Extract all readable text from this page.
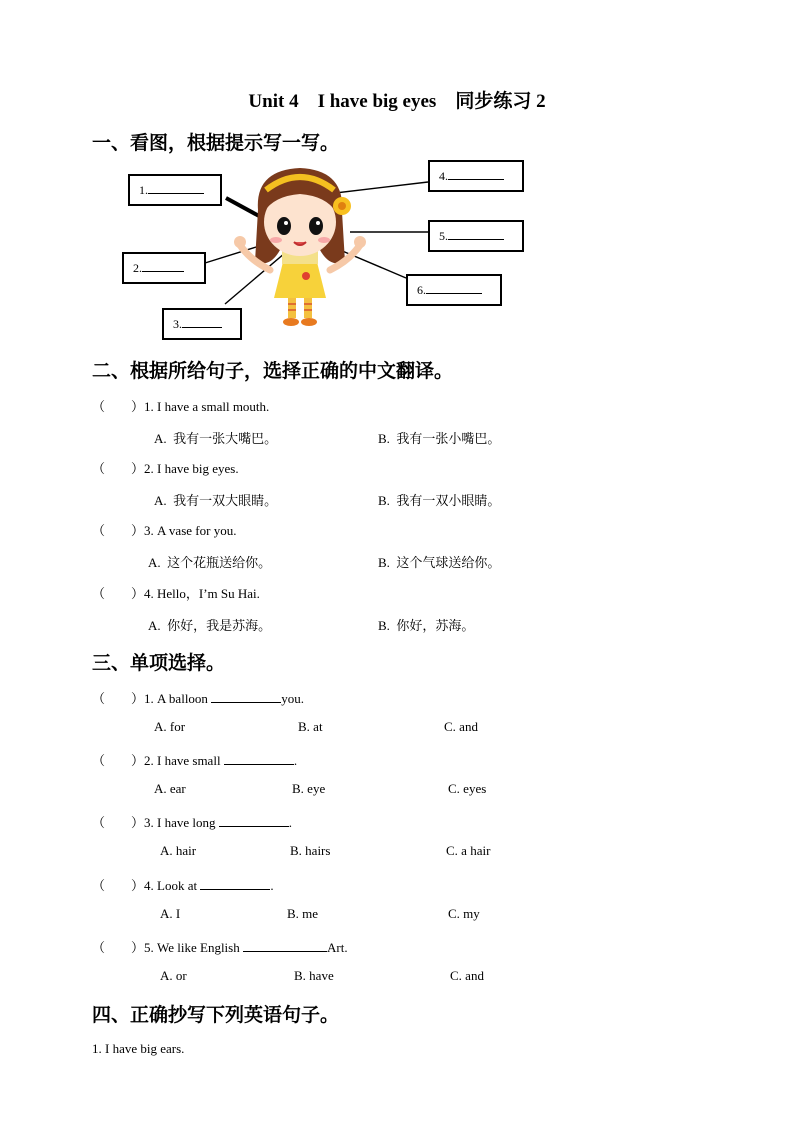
Unit 4　I have big eyes　同步练习 2
一、看图，根据提示写一写。
1.
2.
3.
4.
5.
6.
二、根据所给句子，选择正确的中文翻译。
（　　）1. I have a small mouth.
A.  我有一张大嘴巴。	B.  我有一张小嘴巴。
（　　）2. I have big eyes.
A.  我有一双大眼睛。	B.  我有一双小眼睛。
（　　）3. A vase for you.
A.  这个花瓶送给你。	B.  这个气球送给你。
（　　）4. Hello，I’m Su Hai.
A.  你好，我是苏海。	B.  你好，苏海。
三、单项选择。
（　　）1. A balloon	you.
A. for	B. at	C. and
（　　）2. I have small	.
A. ear	B. eye	C. eyes
（　　）3. I have long	.
A. hair	B. hairs	C. a hair
（　　）4. Look at	.
A. I	B. me	C. my
（　　）5. We like English	Art.
A. or	B. have	C. and
四、正确抄写下列英语句子。
1. I have big ears.
